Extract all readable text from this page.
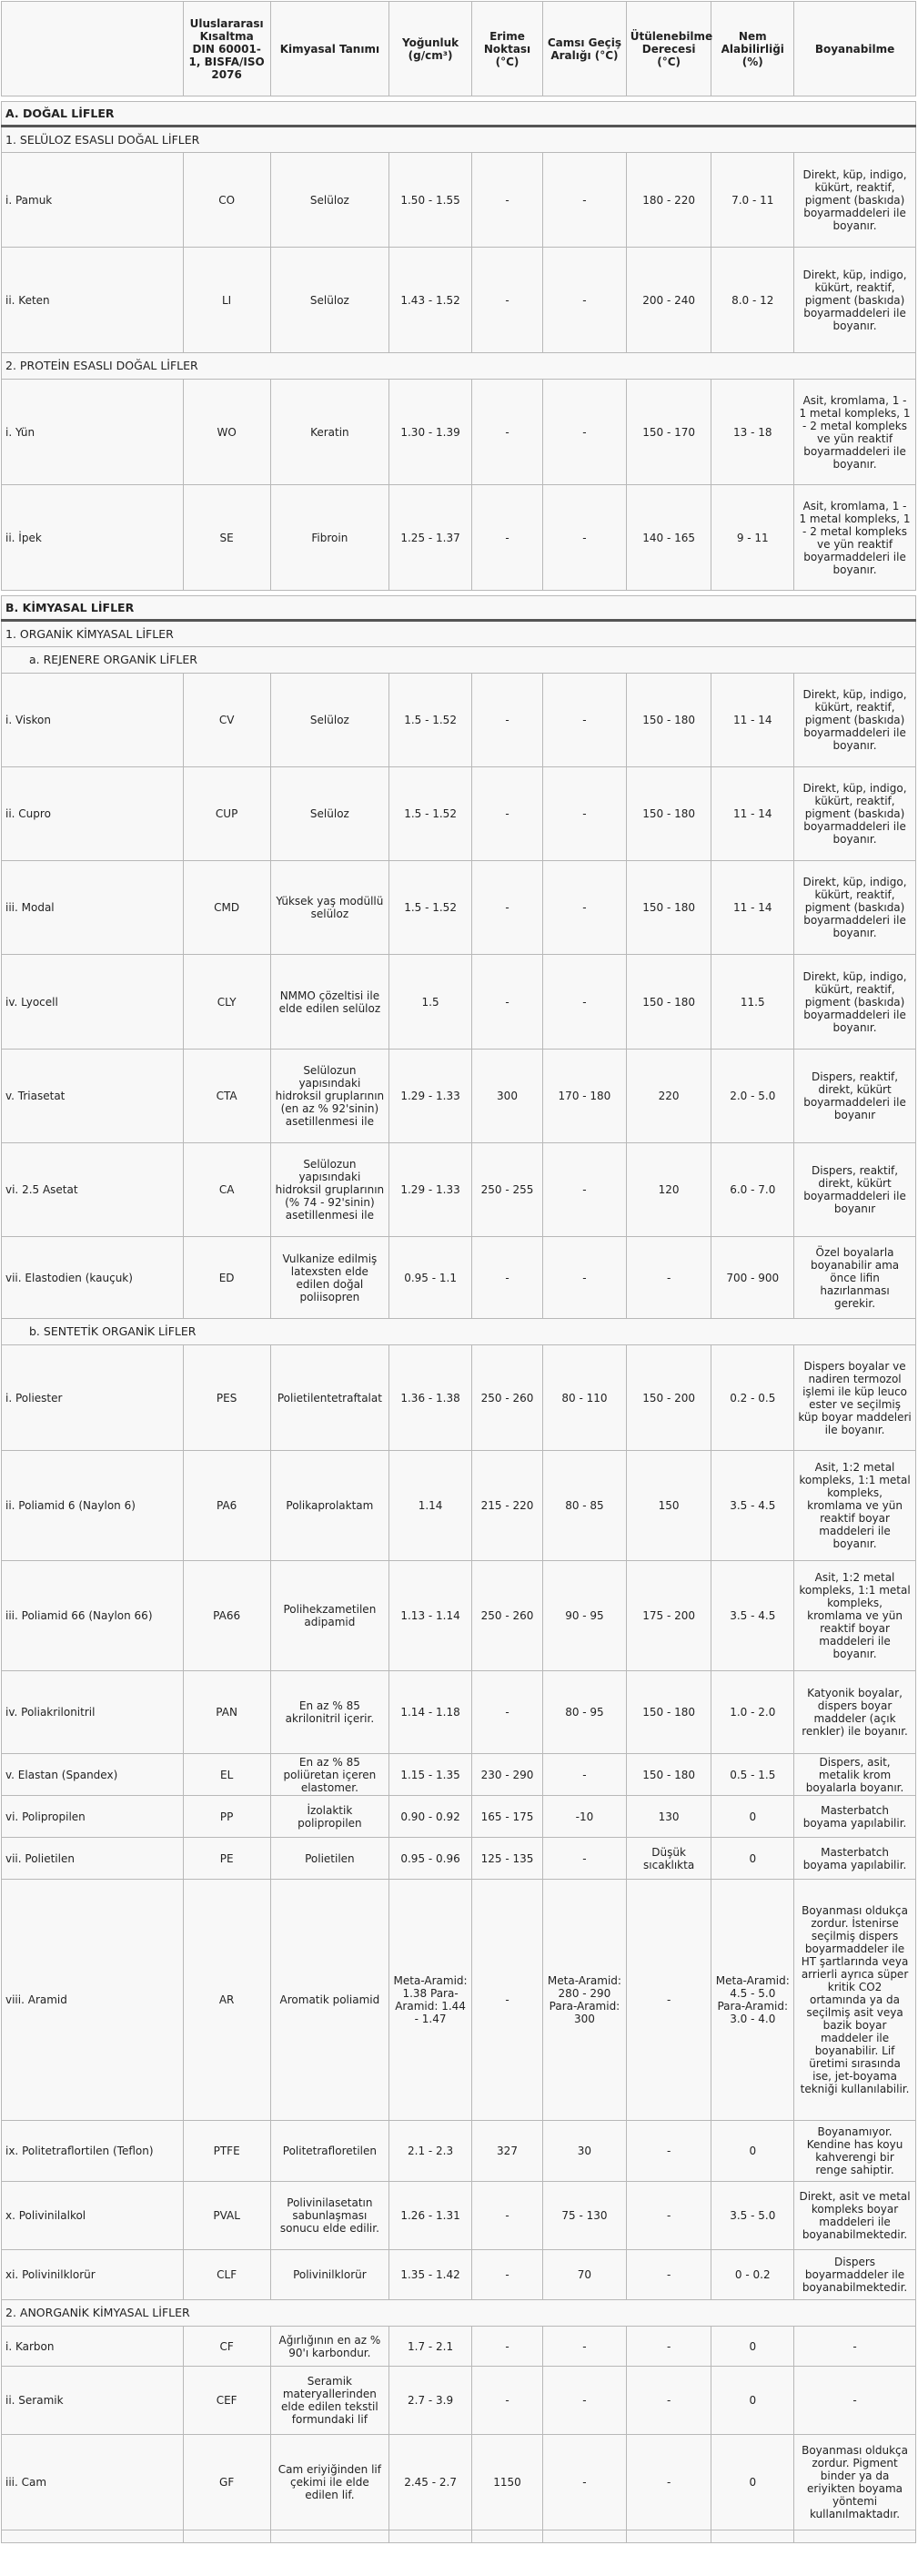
	Uluslararası Kısaltma DIN 60001-1, BISFA/ISO 2076	Kimyasal Tanımı	Yoğunluk (g/cm³)	Erime Noktası (°C)	Camsı Geçiş Aralığı (°C)	Ütülenebilme Derecesi (°C)	Nem Alabilirliği (%)	Boyanabilme

A. DOĞAL LİFLER								
1. SELÜLOZ ESASLI DOĞAL LİFLER								
i. Pamuk	CO	Selüloz	1.50 - 1.55	-	-	180 - 220	7.0 - 11	Direkt, küp, indigo, kükürt, reaktif, pigment (baskıda) boyarmaddeleri ile boyanır.
ii. Keten	LI	Selüloz	1.43 - 1.52	-	-	200 - 240	8.0 - 12	Direkt, küp, indigo, kükürt, reaktif, pigment (baskıda) boyarmaddeleri ile boyanır.
2. PROTEİN ESASLI DOĞAL LİFLER								
i. Yün	WO	Keratin	1.30 - 1.39	-	-	150 - 170	13 - 18	Asit, kromlama, 1 - 1 metal kompleks, 1 - 2 metal kompleks ve yün reaktif boyarmaddeleri ile boyanır.
ii. İpek	SE	Fibroin	1.25 - 1.37	-	-	140 - 165	9 - 11	Asit, kromlama, 1 - 1 metal kompleks, 1 - 2 metal kompleks ve yün reaktif boyarmaddeleri ile boyanır.

B. KİMYASAL LİFLER								
1. ORGANİK KİMYASAL LİFLER								
a. REJENERE ORGANİK LİFLER								
i. Viskon	CV	Selüloz	1.5 - 1.52	-	-	150 - 180	11 - 14	Direkt, küp, indigo, kükürt, reaktif, pigment (baskıda) boyarmaddeleri ile boyanır.
ii. Cupro	CUP	Selüloz	1.5 - 1.52	-	-	150 - 180	11 - 14	Direkt, küp, indigo, kükürt, reaktif, pigment (baskıda) boyarmaddeleri ile boyanır.
iii. Modal	CMD	Yüksek yaş modüllü selüloz	1.5 - 1.52	-	-	150 - 180	11 - 14	Direkt, küp, indigo, kükürt, reaktif, pigment (baskıda) boyarmaddeleri ile boyanır.
iv. Lyocell	CLY	NMMO çözeltisi ile elde edilen selüloz	1.5	-	-	150 - 180	11.5	Direkt, küp, indigo, kükürt, reaktif, pigment (baskıda) boyarmaddeleri ile boyanır.
v. Triasetat	CTA	Selülozun yapısındaki hidroksil gruplarının (en az % 92'sinin) asetillenmesi ile	1.29 - 1.33	300	170 - 180	220	2.0 - 5.0	Dispers, reaktif, direkt, kükürt boyarmaddeleri ile boyanır
vi. 2.5 Asetat	CA	Selülozun yapısındaki hidroksil gruplarının (% 74 - 92'sinin) asetillenmesi ile	1.29 - 1.33	250 - 255	-	120	6.0 - 7.0	Dispers, reaktif, direkt, kükürt boyarmaddeleri ile boyanır
vii. Elastodien (kauçuk)	ED	Vulkanize edilmiş latexsten elde edilen doğal poliisopren	0.95 - 1.1	-	-	-	700 - 900	Özel boyalarla boyanabilir ama önce lifin hazırlanması gerekir.
b. SENTETİK ORGANİK LİFLER								
i. Poliester	PES	Polietilentetraftalat	1.36 - 1.38	250 - 260	80 - 110	150 - 200	0.2 - 0.5	Dispers boyalar ve nadiren termozol işlemi ile küp leuco ester ve seçilmiş küp boyar maddeleri ile boyanır.
ii. Poliamid 6 (Naylon 6)	PA6	Polikaprolaktam	1.14	215 - 220	80 - 85	150	3.5 - 4.5	Asit, 1:2 metal kompleks, 1:1 metal kompleks, kromlama ve yün reaktif boyar maddeleri ile boyanır.
iii. Poliamid 66 (Naylon 66)	PA66	Polihekzametilen adipamid	1.13 - 1.14	250 - 260	90 - 95	175 - 200	3.5 - 4.5	Asit, 1:2 metal kompleks, 1:1 metal kompleks, kromlama ve yün reaktif boyar maddeleri ile boyanır.
iv. Poliakrilonitril	PAN	En az % 85 akrilonitril içerir.	1.14 - 1.18	-	80 - 95	150 - 180	1.0 - 2.0	Katyonik boyalar, dispers boyar maddeler (açık renkler) ile boyanır.
v. Elastan (Spandex)	EL	En az % 85 poliüretan içeren elastomer.	1.15 - 1.35	230 - 290	-	150 - 180	0.5 - 1.5	Dispers, asit, metalik krom boyalarla boyanır.
vi. Polipropilen	PP	İzolaktik polipropilen	0.90 - 0.92	165 - 175	-10	130	0	Masterbatch boyama yapılabilir.
vii. Polietilen	PE	Polietilen	0.95 - 0.96	125 - 135	-	Düşük sıcaklıkta	0	Masterbatch boyama yapılabilir.
viii. Aramid	AR	Aromatik poliamid	Meta-Aramid: 1.38 Para-Aramid: 1.44 - 1.47	-	Meta-Aramid: 280 - 290 Para-Aramid: 300	-	Meta-Aramid: 4.5 - 5.0 Para-Aramid: 3.0 - 4.0	Boyanması oldukça zordur. İstenirse seçilmiş dispers boyarmaddeler ile HT şartlarında veya arrierli ayrıca süper kritik CO2 ortamında ya da seçilmiş asit veya bazik boyar maddeler ile boyanabilir. Lif üretimi sırasında ise, jet-boyama tekniği kullanılabilir.
ix. Politetraflortilen (Teflon)	PTFE	Politetrafloretilen	2.1 - 2.3	327	30	-	0	Boyanamıyor. Kendine has koyu kahverengi bir renge sahiptir.
x. Polivinilalkol	PVAL	Polivinilasetatın sabunlaşması sonucu elde edilir.	1.26 - 1.31	-	75 - 130	-	3.5 - 5.0	Direkt, asit ve metal kompleks boyar maddeleri ile boyanabilmektedir.
xi. Polivinilklorür	CLF	Polivinilklorür	1.35 - 1.42	-	70	-	0 - 0.2	Dispers boyarmaddeler ile boyanabilmektedir.
2. ANORGANİK KİMYASAL LİFLER								
i. Karbon	CF	Ağırlığının en az % 90'ı karbondur.	1.7 - 2.1	-	-	-	0	-
ii. Seramik	CEF	Seramik materyallerinden elde edilen tekstil formundaki lif	2.7 - 3.9	-	-	-	0	-
iii. Cam	GF	Cam eriyiğinden lif çekimi ile elde edilen lif.	2.45 - 2.7	1150	-	-	0	Boyanması oldukça zordur. Pigment binder ya da eriyikten boyama yöntemi kullanılmaktadır.
